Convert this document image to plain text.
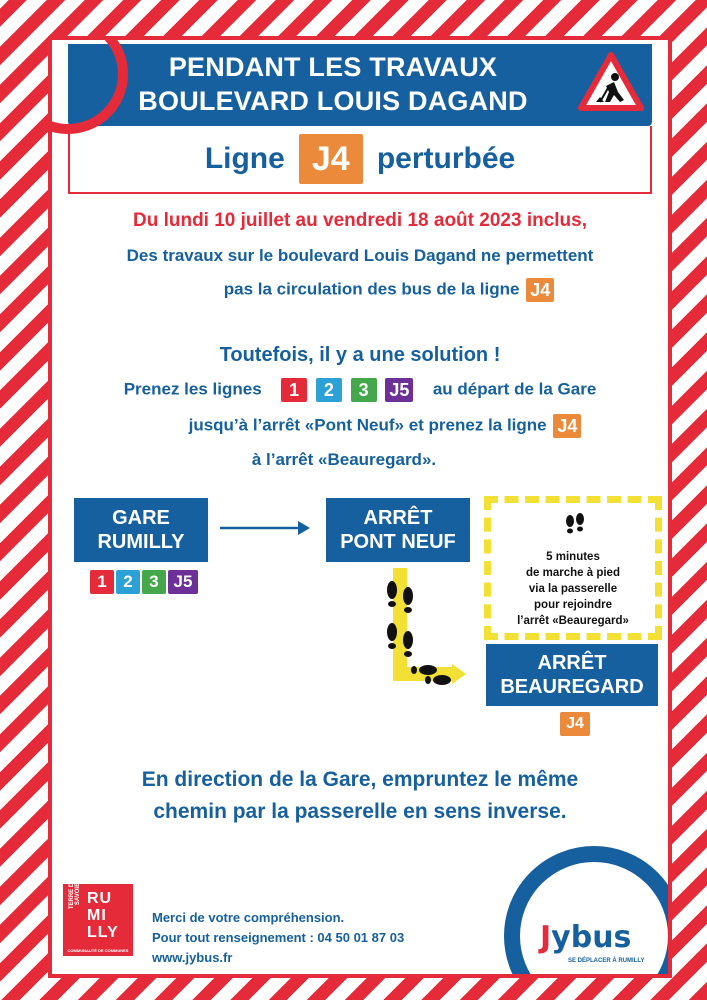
PENDANT LES TRAVAUX
BOULEVARD LOUIS DAGAND
Ligne J4 perturbée
Du lundi 10 juillet au vendredi 18 août 2023 inclus,
Des travaux sur le boulevard Louis Dagand ne permettent
pas la circulation des bus de la ligne J4
Toutefois, il y a une solution !
Prenez les lignes 1 2 3 J5 au départ de la Gare
jusqu’à l’arrêt «Pont Neuf» et prenez la ligne J4
à l’arrêt «Beauregard».
GARE
RUMILLY
1 2 3 J5
ARRÊT
PONT NEUF
5 minutes
de marche à pied
via la passerelle
pour rejoindre
l’arrêt «Beauregard»
ARRÊT
BEAUREGARD
J4
En direction de la Gare, empruntez le même
chemin par la passerelle en sens inverse.
TERRE DE SAVOIE RU
MI
LLY
COMMUNAUTÉ DE COMMUNES
Merci de votre compréhension.
Pour tout renseignement : 04 50 01 87 03
www.jybus.fr
Jybus
SE DÉPLACER À RUMILLY
